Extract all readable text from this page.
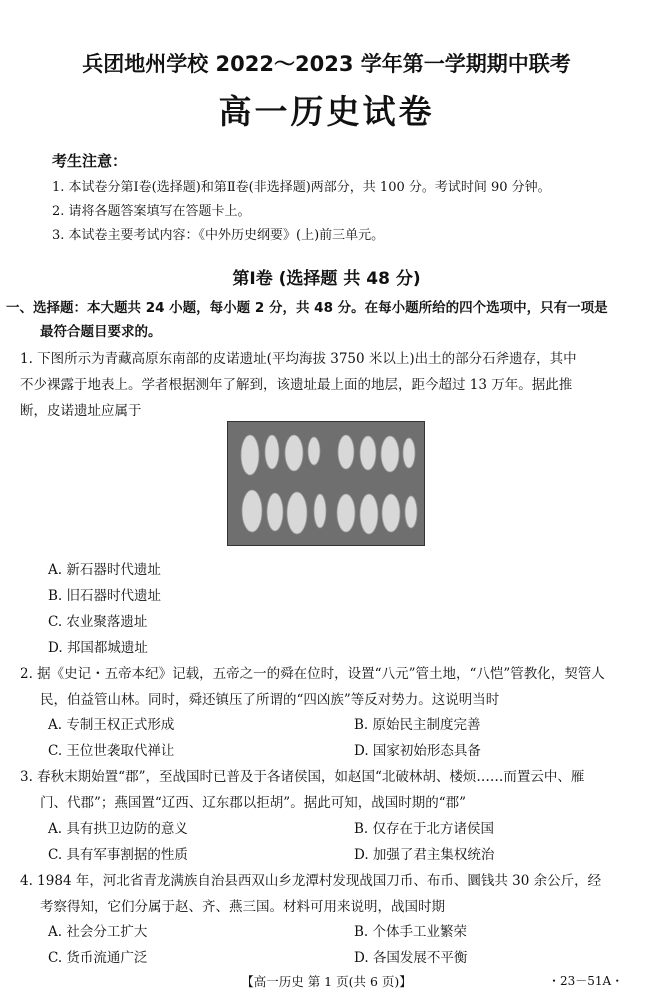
兵团地州学校 2022～2023 学年第一学期期中联考
高一历史试卷
考生注意：
1. 本试卷分第Ⅰ卷(选择题)和第Ⅱ卷(非选择题)两部分，共 100 分。考试时间 90 分钟。
2. 请将各题答案填写在答题卡上。
3. 本试卷主要考试内容：《中外历史纲要》(上)前三单元。
第Ⅰ卷 (选择题 共 48 分)
一、选择题：本大题共 24 小题，每小题 2 分，共 48 分。在每小题所给的四个选项中，只有一项是
最符合题目要求的。
1. 下图所示为青藏高原东南部的皮诺遗址(平均海拔 3750 米以上)出土的部分石斧遗存，其中
不少裸露于地表上。学者根据测年了解到，该遗址最上面的地层，距今超过 13 万年。据此推
断，皮诺遗址应属于
A. 新石器时代遗址
B. 旧石器时代遗址
C. 农业聚落遗址
D. 邦国都城遗址
2. 据《史记・五帝本纪》记载，五帝之一的舜在位时，设置“八元”管土地，“八恺”管教化，契管人
民，伯益管山林。同时，舜还镇压了所谓的“四凶族”等反对势力。这说明当时
A. 专制王权正式形成	B. 原始民主制度完善
C. 王位世袭取代禅让	D. 国家初始形态具备
3. 春秋末期始置“郡”，至战国时已普及于各诸侯国，如赵国“北破林胡、楼烦……而置云中、雁
门、代郡”；燕国置“辽西、辽东郡以拒胡”。据此可知，战国时期的“郡”
A. 具有拱卫边防的意义	B. 仅存在于北方诸侯国
C. 具有军事割据的性质	D. 加强了君主集权统治
4. 1984 年，河北省青龙满族自治县西双山乡龙潭村发现战国刀币、布币、圜钱共 30 余公斤，经
考察得知，它们分属于赵、齐、燕三国。材料可用来说明，战国时期
A. 社会分工扩大	B. 个体手工业繁荣
C. 货币流通广泛	D. 各国发展不平衡
【高一历史 第 1 页(共 6 页)】	・23－51A・
